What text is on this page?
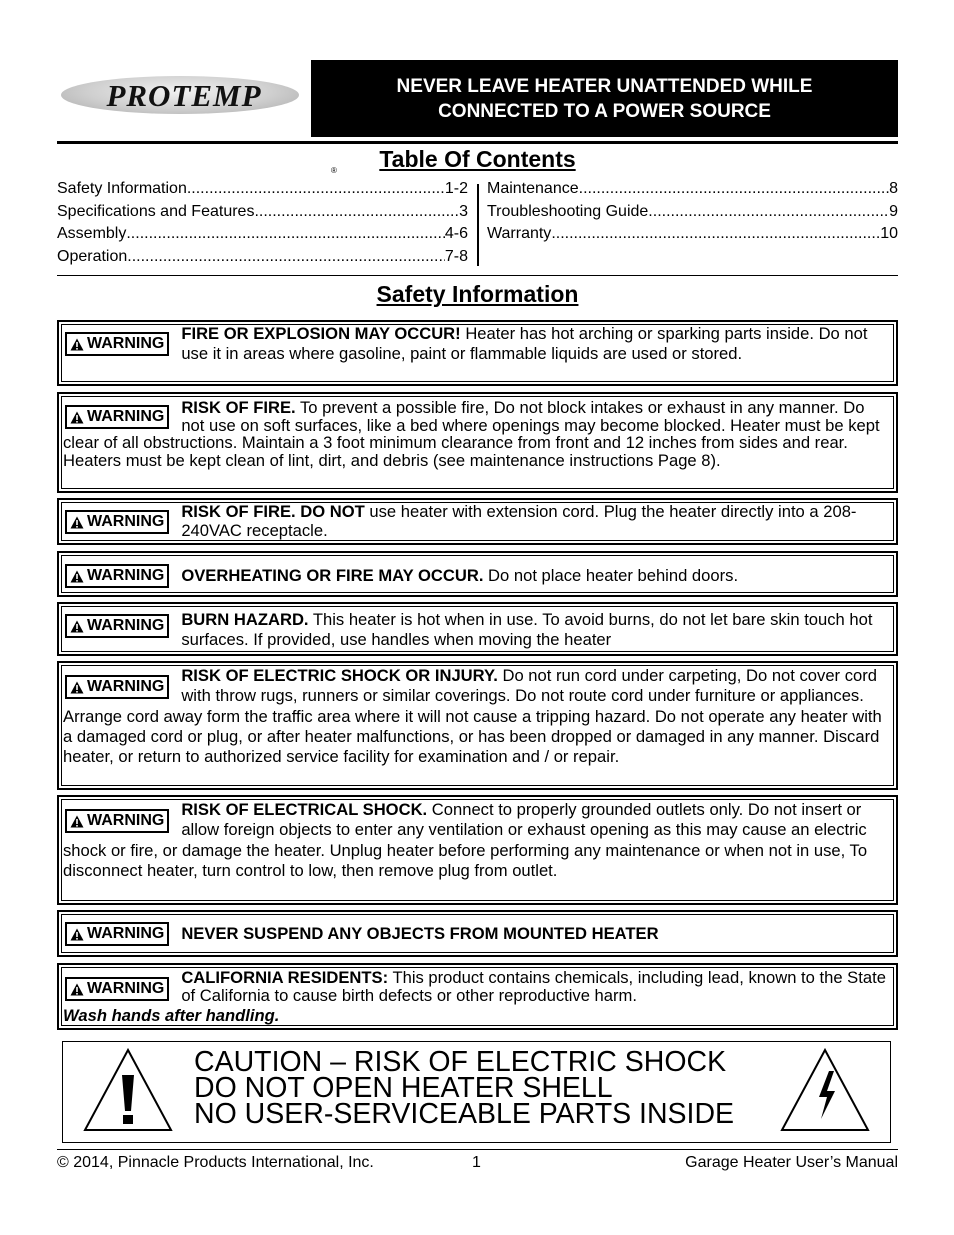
PROTEMP
®
NEVER LEAVE HEATER UNATTENDED WHILE
CONNECTED TO A POWER SOURCE
Table Of Contents
Safety Information .....	1-2
Specifications and Features .....	3
Assembly .....	4-6
Operation .....	7-8
Maintenance .....	8
Troubleshooting Guide .....	9
Warranty .....	10
Safety Information
WARNING
FIRE OR EXPLOSION MAY OCCUR! Heater has hot arching or sparking parts inside. Do not use it in areas where gasoline, paint or flammable liquids are used or stored.
WARNING RISK OF FIRE. To prevent a possible fire, Do not block intakes or exhaust in any manner. Do not use on soft surfaces, like a bed where openings may become blocked. Heater must be kept clear of all obstructions. Maintain a 3 foot minimum clearance from front and 12 inches from sides and rear. Heaters must be kept clean of lint, dirt, and debris (see maintenance instructions Page 8).
WARNING
RISK OF FIRE. DO NOT use heater with extension cord. Plug the heater directly into a 208-240VAC receptacle.
WARNING OVERHEATING OR FIRE MAY OCCUR. Do not place heater behind doors.
WARNING BURN HAZARD. This heater is hot when in use. To avoid burns, do not let bare skin touch hot surfaces. If provided, use handles when moving the heater
WARNING
RISK OF ELECTRIC SHOCK OR INJURY. Do not run cord under carpeting, Do not cover cord with throw rugs, runners or similar coverings. Do not route cord under furniture or appliances. Arrange cord away form the traffic area where it will not cause a tripping hazard. Do not operate any heater with a damaged cord or plug, or after heater malfunctions, or has been dropped or damaged in any manner. Discard heater, or return to authorized service facility for examination and / or repair.
WARNING
RISK OF ELECTRICAL SHOCK. Connect to properly grounded outlets only. Do not insert or allow foreign objects to enter any ventilation or exhaust opening as this may cause an electric shock or fire, or damage the heater. Unplug heater before performing any maintenance or when not in use, To disconnect heater, turn control to low, then remove plug from outlet.
WARNING NEVER SUSPEND ANY OBJECTS FROM MOUNTED HEATER
WARNING
CALIFORNIA RESIDENTS: This product contains chemicals, including lead, known to the State of California to cause birth defects or other reproductive harm.
Wash hands after handling.
CAUTION – RISK OF ELECTRIC SHOCK
DO NOT OPEN HEATER SHELL
NO USER-SERVICEABLE PARTS INSIDE
© 2014, Pinnacle Products International, Inc.	1	Garage Heater User’s Manual
